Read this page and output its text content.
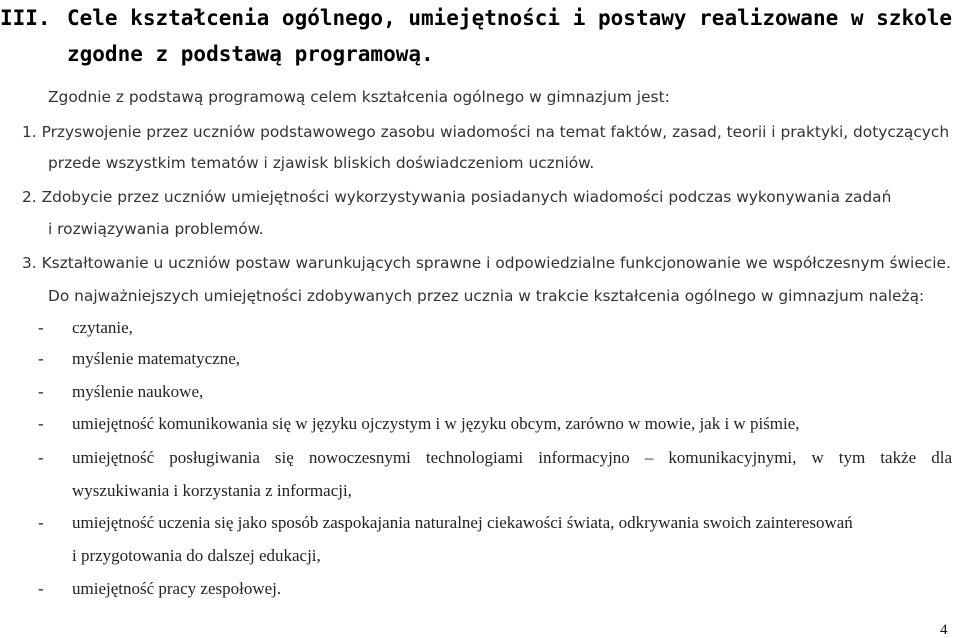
III. Cele kształcenia ogólnego, umiejętności i postawy realizowane w szkole
zgodne z podstawą programową.
Zgodnie z podstawą programową celem kształcenia ogólnego w gimnazjum jest:
1. Przyswojenie przez uczniów podstawowego zasobu wiadomości na temat faktów, zasad, teorii i praktyki, dotyczących
przede wszystkim tematów i zjawisk bliskich doświadczeniom uczniów.
2. Zdobycie przez uczniów umiejętności wykorzystywania posiadanych wiadomości podczas wykonywania zadań
i rozwiązywania problemów.
3. Kształtowanie u uczniów postaw warunkujących sprawne i odpowiedzialne funkcjonowanie we współczesnym świecie.
Do najważniejszych umiejętności zdobywanych przez ucznia w trakcie kształcenia ogólnego w gimnazjum należą:
- czytanie,
- myślenie matematyczne,
- myślenie naukowe,
- umiejętność komunikowania się w języku ojczystym i w języku obcym, zarówno w mowie, jak i w piśmie,
- umiejętność posługiwania się nowoczesnymi technologiami informacyjno – komunikacyjnymi, w tym także dla
wyszukiwania i korzystania z informacji,
- umiejętność uczenia się jako sposób zaspokajania naturalnej ciekawości świata, odkrywania swoich zainteresowań
i przygotowania do dalszej edukacji,
- umiejętność pracy zespołowej.
4
